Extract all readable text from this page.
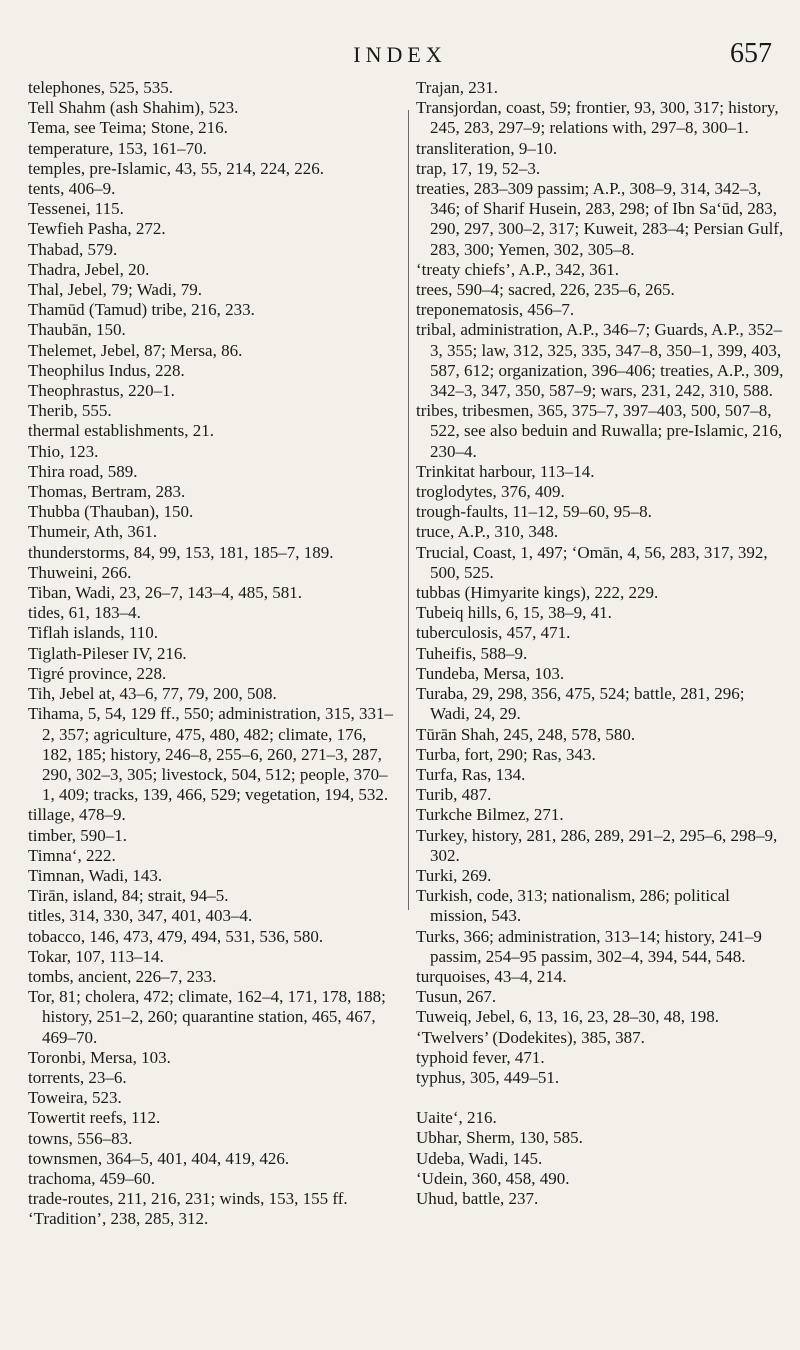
INDEX	657

telephones, 525, 535.

Tell Shahm (ash Shahim), 523.

Tema, see Teima; Stone, 216.

temperature, 153, 161–70.

temples, pre-Islamic, 43, 55, 214, 224, 226.

tents, 406–9.

Tessenei, 115.

Tewfieh Pasha, 272.

Thabad, 579.

Thadra, Jebel, 20.

Thal, Jebel, 79; Wadi, 79.

Thamūd (Tamud) tribe, 216, 233.

Thaubān, 150.

Thelemet, Jebel, 87; Mersa, 86.

Theophilus Indus, 228.

Theophrastus, 220–1.

Therib, 555.

thermal establishments, 21.

Thio, 123.

Thira road, 589.

Thomas, Bertram, 283.

Thubba (Thauban), 150.

Thumeir, Ath, 361.

thunderstorms, 84, 99, 153, 181, 185–7, 189.

Thuweini, 266.

Tiban, Wadi, 23, 26–7, 143–4, 485, 581.

tides, 61, 183–4.

Tiflah islands, 110.

Tiglath-Pileser IV, 216.

Tigré province, 228.

Tih, Jebel at, 43–6, 77, 79, 200, 508.

Tihama, 5, 54, 129 ff., 550; administration, 315, 331–2, 357; agriculture, 475, 480, 482; climate, 176, 182, 185; history, 246–8, 255–6, 260, 271–3, 287, 290, 302–3, 305; livestock, 504, 512; people, 370–1, 409; tracks, 139, 466, 529; vegetation, 194, 532.

tillage, 478–9.

timber, 590–1.

Timna‘, 222.

Timnan, Wadi, 143.

Tirān, island, 84; strait, 94–5.

titles, 314, 330, 347, 401, 403–4.

tobacco, 146, 473, 479, 494, 531, 536, 580.

Tokar, 107, 113–14.

tombs, ancient, 226–7, 233.

Tor, 81; cholera, 472; climate, 162–4, 171, 178, 188; history, 251–2, 260; quarantine station, 465, 467, 469–70.

Toronbi, Mersa, 103.

torrents, 23–6.

Toweira, 523.

Towertit reefs, 112.

towns, 556–83.

townsmen, 364–5, 401, 404, 419, 426.

trachoma, 459–60.

trade-routes, 211, 216, 231; winds, 153, 155 ff.

‘Tradition’, 238, 285, 312.

Trajan, 231.

Transjordan, coast, 59; frontier, 93, 300, 317; history, 245, 283, 297–9; relations with, 297–8, 300–1.

transliteration, 9–10.

trap, 17, 19, 52–3.

treaties, 283–309 passim; A.P., 308–9, 314, 342–3, 346; of Sharif Husein, 283, 298; of Ibn Sa‘ūd, 283, 290, 297, 300–2, 317; Kuweit, 283–4; Persian Gulf, 283, 300; Yemen, 302, 305–8.

‘treaty chiefs’, A.P., 342, 361.

trees, 590–4; sacred, 226, 235–6, 265.

treponematosis, 456–7.

tribal, administration, A.P., 346–7; Guards, A.P., 352–3, 355; law, 312, 325, 335, 347–8, 350–1, 399, 403, 587, 612; organization, 396–406; treaties, A.P., 309, 342–3, 347, 350, 587–9; wars, 231, 242, 310, 588.

tribes, tribesmen, 365, 375–7, 397–403, 500, 507–8, 522, see also beduin and Ruwalla; pre-Islamic, 216, 230–4.

Trinkitat harbour, 113–14.

troglodytes, 376, 409.

trough-faults, 11–12, 59–60, 95–8.

truce, A.P., 310, 348.

Trucial, Coast, 1, 497; ‘Omān, 4, 56, 283, 317, 392, 500, 525.

tubbas (Himyarite kings), 222, 229.

Tubeiq hills, 6, 15, 38–9, 41.

tuberculosis, 457, 471.

Tuheifis, 588–9.

Tundeba, Mersa, 103.

Turaba, 29, 298, 356, 475, 524; battle, 281, 296; Wadi, 24, 29.

Tūrān Shah, 245, 248, 578, 580.

Turba, fort, 290; Ras, 343.

Turfa, Ras, 134.

Turib, 487.

Turkche Bilmez, 271.

Turkey, history, 281, 286, 289, 291–2, 295–6, 298–9, 302.

Turki, 269.

Turkish, code, 313; nationalism, 286; political mission, 543.

Turks, 366; administration, 313–14; history, 241–9 passim, 254–95 passim, 302–4, 394, 544, 548.

turquoises, 43–4, 214.

Tusun, 267.

Tuweiq, Jebel, 6, 13, 16, 23, 28–30, 48, 198.

‘Twelvers’ (Dodekites), 385, 387.

typhoid fever, 471.

typhus, 305, 449–51.

Uaite‘, 216.

Ubhar, Sherm, 130, 585.

Udeba, Wadi, 145.

‘Udein, 360, 458, 490.

Uhud, battle, 237.
